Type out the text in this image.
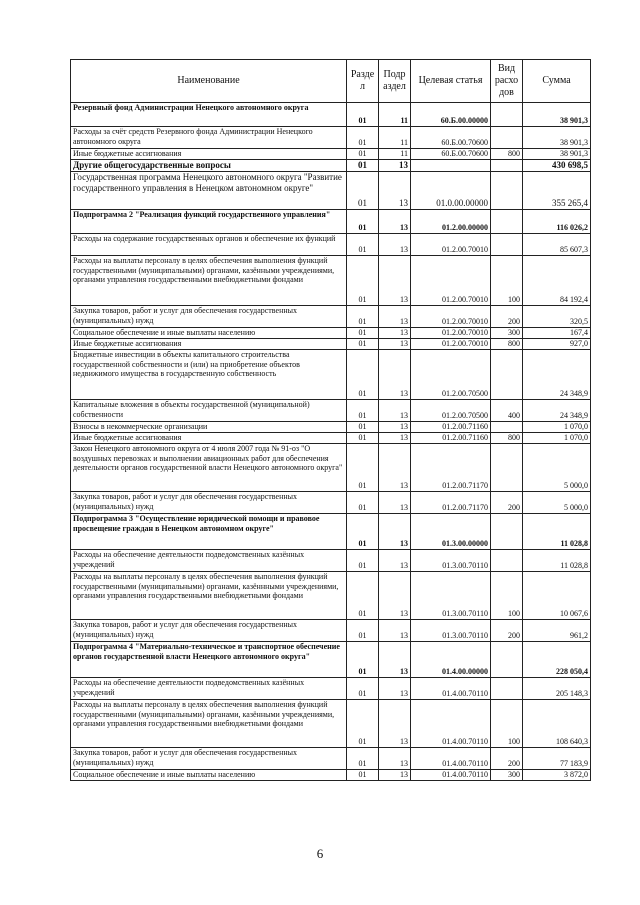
Наименование	Разде л	Подр аздел	Целевая статья	Вид расхо дов	Сумма
Резервный фонд Администрации Ненецкого автономного округа	01	11	60.Б.00.00000		38 901,3
Расходы за счёт средств Резервного фонда Администрации Ненецкого автономного округа	01	11	60.Б.00.70600		38 901,3
Иные бюджетные ассигнования	01	11	60.Б.00.70600	800	38 901,3
Другие общегосударственные вопросы	01	13			430 698,5
Государственная программа Ненецкого автономного округа "Развитие государственного управления в Ненецком автономном округе"	01	13	01.0.00.00000		355 265,4
Подпрограмма 2 "Реализация функций государственного управления"	01	13	01.2.00.00000		116 026,2
Расходы на содержание государственных органов и обеспечение их функций	01	13	01.2.00.70010		85 607,3
Расходы на выплаты персоналу в целях обеспечения выполнения функций государственными (муниципальными) органами, казёнными учреждениями, органами управления государственными внебюджетными фондами	01	13	01.2.00.70010	100	84 192,4
Закупка товаров, работ и услуг для обеспечения государственных (муниципальных) нужд	01	13	01.2.00.70010	200	320,5
Социальное обеспечение и иные выплаты населению	01	13	01.2.00.70010	300	167,4
Иные бюджетные ассигнования	01	13	01.2.00.70010	800	927,0
Бюджетные инвестиции в объекты капитального строительства государственной собственности и (или) на приобретение объектов недвижимого имущества в государственную собственность	01	13	01.2.00.70500		24 348,9
Капитальные вложения в объекты государственной (муниципальной) собственности	01	13	01.2.00.70500	400	24 348,9
Взносы в некоммерческие организации	01	13	01.2.00.71160		1 070,0
Иные бюджетные ассигнования	01	13	01.2.00.71160	800	1 070,0
Закон Ненецкого автономного округа от 4 июля 2007 года № 91-оз "О воздушных перевозках и выполнении авиационных работ для обеспечения деятельности органов государственной власти Ненецкого автономного округа"	01	13	01.2.00.71170		5 000,0
Закупка товаров, работ и услуг для обеспечения государственных (муниципальных) нужд	01	13	01.2.00.71170	200	5 000,0
Подпрограмма 3 "Осуществление юридической помощи и правовое просвещение граждан в Ненецком автономном округе"	01	13	01.3.00.00000		11 028,8
Расходы на обеспечение деятельности подведомственных казённых учреждений	01	13	01.3.00.70110		11 028,8
Расходы на выплаты персоналу в целях обеспечения выполнения функций государственными (муниципальными) органами, казённными учреждениями, органами управления государственными внебюджетными фондами	01	13	01.3.00.70110	100	10 067,6
Закупка товаров, работ и услуг для обеспечения государственных (муниципальных) нужд	01	13	01.3.00.70110	200	961,2
Подпрограмма 4 "Материально-техническое и транспортное обеспечение органов государственной власти Ненецкого автономного округа"	01	13	01.4.00.00000		228 050,4
Расходы на обеспечение деятельности подведомственных казённых учреждений	01	13	01.4.00.70110		205 148,3
Расходы на выплаты персоналу в целях обеспечения выполнения функций государственными (муниципальными) органами, казёнными учреждениями, органами управления государственными внебюджетными фондами	01	13	01.4.00.70110	100	108 640,3
Закупка товаров, работ и услуг для обеспечения государственных (муниципальных) нужд	01	13	01.4.00.70110	200	77 183,9
Социальное обеспечение и иные выплаты населению	01	13	01.4.00.70110	300	3 872,0
6
